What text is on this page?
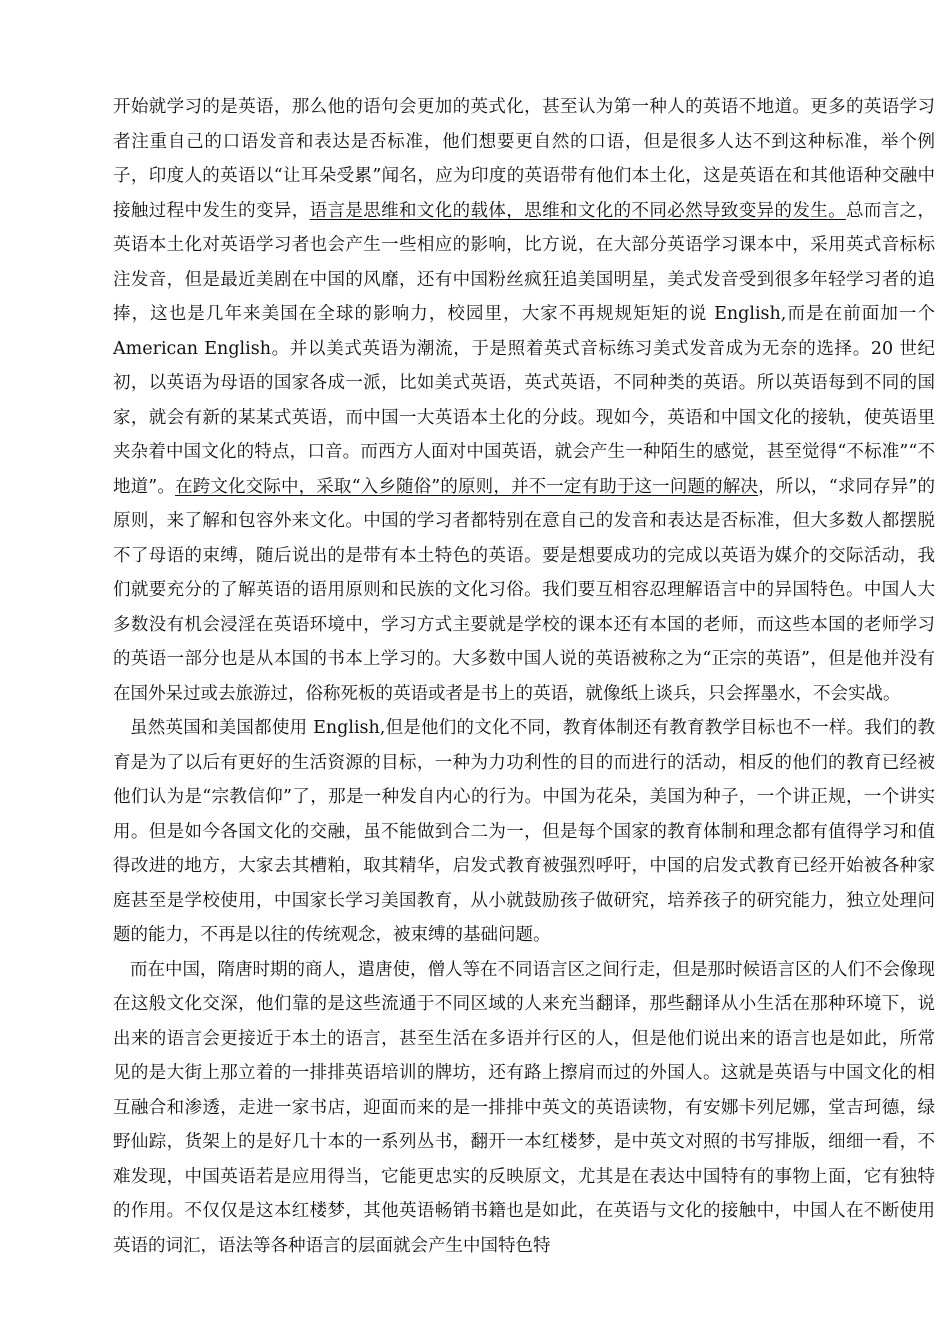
开始就学习的是英语，那么他的语句会更加的英式化，甚至认为第一种人的英语不地道。更多的英语学习者注重自己的口语发音和表达是否标准，他们想要更自然的口语，但是很多人达不到这种标准，举个例子，印度人的英语以“让耳朵受累”闻名，应为印度的英语带有他们本土化，这是英语在和其他语种交融中接触过程中发生的变异，语言是思维和文化的载体，思维和文化的不同必然导致变异的发生。总而言之，英语本土化对英语学习者也会产生一些相应的影响，比方说，在大部分英语学习课本中，采用英式音标标注发音，但是最近美剧在中国的风靡，还有中国粉丝疯狂追美国明星，美式发音受到很多年轻学习者的追捧，这也是几年来美国在全球的影响力，校园里，大家不再规规矩矩的说 English,而是在前面加一个 American English。并以美式英语为潮流，于是照着英式音标练习美式发音成为无奈的选择。20 世纪初，以英语为母语的国家各成一派，比如美式英语，英式英语，不同种类的英语。所以英语每到不同的国家，就会有新的某某式英语，而中国一大英语本土化的分歧。现如今，英语和中国文化的接轨，使英语里夹杂着中国文化的特点，口音。而西方人面对中国英语，就会产生一种陌生的感觉，甚至觉得“不标准”“不地道”。在跨文化交际中，采取“入乡随俗”的原则，并不一定有助于这一问题的解决，所以，“求同存异”的原则，来了解和包容外来文化。中国的学习者都特别在意自己的发音和表达是否标准，但大多数人都摆脱不了母语的束缚，随后说出的是带有本土特色的英语。要是想要成功的完成以英语为媒介的交际活动，我们就要充分的了解英语的语用原则和民族的文化习俗。我们要互相容忍理解语言中的异国特色。中国人大多数没有机会浸淫在英语环境中，学习方式主要就是学校的课本还有本国的老师，而这些本国的老师学习的英语一部分也是从本国的书本上学习的。大多数中国人说的英语被称之为“正宗的英语”，但是他并没有在国外呆过或去旅游过，俗称死板的英语或者是书上的英语，就像纸上谈兵，只会挥墨水，不会实战。

虽然英国和美国都使用 English,但是他们的文化不同，教育体制还有教育教学目标也不一样。我们的教育是为了以后有更好的生活资源的目标，一种为力功利性的目的而进行的活动，相反的他们的教育已经被他们认为是“宗教信仰”了，那是一种发自内心的行为。中国为花朵，美国为种子，一个讲正规，一个讲实用。但是如今各国文化的交融，虽不能做到合二为一，但是每个国家的教育体制和理念都有值得学习和值得改进的地方，大家去其槽粕，取其精华，启发式教育被强烈呼吁，中国的启发式教育已经开始被各种家庭甚至是学校使用，中国家长学习美国教育，从小就鼓励孩子做研究，培养孩子的研究能力，独立处理问题的能力，不再是以往的传统观念，被束缚的基础问题。

而在中国，隋唐时期的商人，遣唐使，僧人等在不同语言区之间行走，但是那时候语言区的人们不会像现在这般文化交深，他们靠的是这些流通于不同区域的人来充当翻译，那些翻译从小生活在那种环境下，说出来的语言会更接近于本土的语言，甚至生活在多语并行区的人，但是他们说出来的语言也是如此，所常见的是大街上那立着的一排排英语培训的牌坊，还有路上擦肩而过的外国人。这就是英语与中国文化的相互融合和渗透，走进一家书店，迎面而来的是一排排中英文的英语读物，有安娜卡列尼娜，堂吉珂德，绿野仙踪，货架上的是好几十本的一系列丛书，翻开一本红楼梦，是中英文对照的书写排版，细细一看，不难发现，中国英语若是应用得当，它能更忠实的反映原文，尤其是在表达中国特有的事物上面，它有独特的作用。不仅仅是这本红楼梦，其他英语畅销书籍也是如此，在英语与文化的接触中，中国人在不断使用英语的词汇，语法等各种语言的层面就会产生中国特色特
